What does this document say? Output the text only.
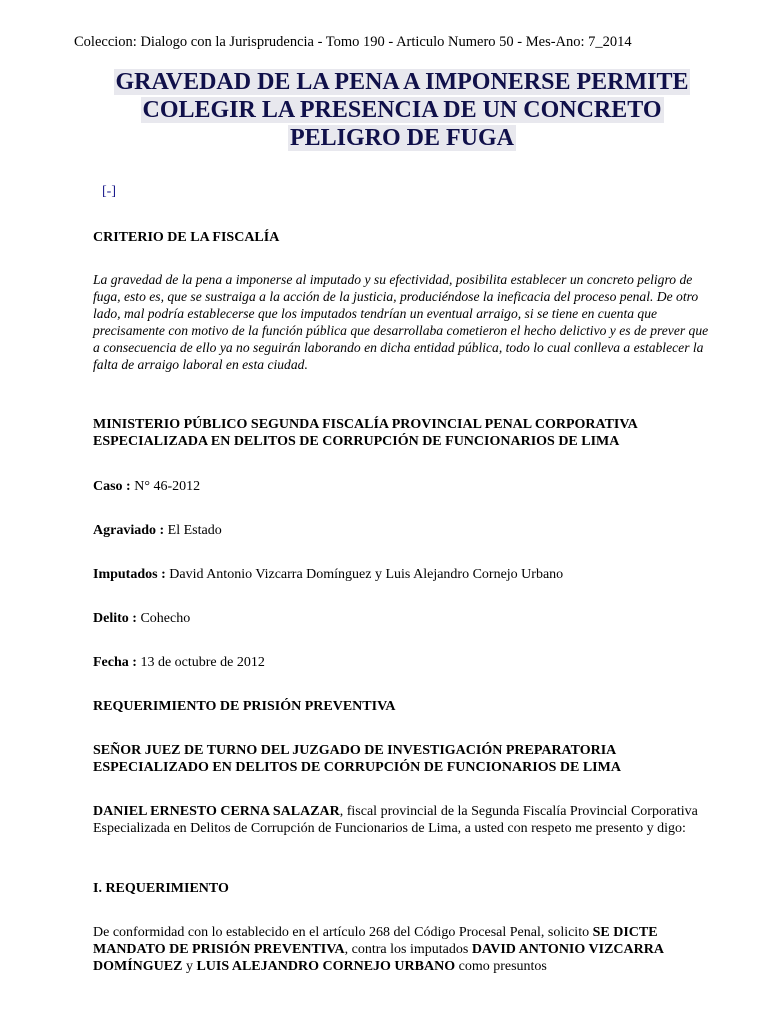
Coleccion: Dialogo con la Jurisprudencia - Tomo 190 - Articulo Numero 50 - Mes-Ano: 7_2014
GRAVEDAD DE LA PENA A IMPONERSE PERMITE
COLEGIR LA PRESENCIA DE UN CONCRETO
PELIGRO DE FUGA
[-]

CRITERIO DE LA FISCALÍA

La gravedad de la pena a imponerse al imputado y su efectividad, posibilita establecer un concreto peligro de fuga, esto es, que se sustraiga a la acción de la justicia, produciéndose la ineficacia del proceso penal. De otro lado, mal podría establecerse que los imputados tendrían un eventual arraigo, si se tiene en cuenta que precisamente con motivo de la función pública que desarrollaba cometieron el hecho delictivo y es de prever que a consecuencia de ello ya no seguirán laborando en dicha entidad pública, todo lo cual conlleva a establecer la falta de arraigo laboral en esta ciudad.

MINISTERIO PÚBLICO SEGUNDA FISCALÍA PROVINCIAL PENAL CORPORATIVA ESPECIALIZADA EN DELITOS DE CORRUPCIÓN DE FUNCIONARIOS DE LIMA

Caso : N° 46-2012

Agraviado : El Estado

Imputados : David Antonio Vizcarra Domínguez y Luis Alejandro Cornejo Urbano

Delito : Cohecho

Fecha : 13 de octubre de 2012

REQUERIMIENTO DE PRISIÓN PREVENTIVA

SEÑOR JUEZ DE TURNO DEL JUZGADO DE INVESTIGACIÓN PREPARATORIA ESPECIALIZADO EN DELITOS DE CORRUPCIÓN DE FUNCIONARIOS DE LIMA

DANIEL ERNESTO CERNA SALAZAR, fiscal provincial de la Segunda Fiscalía Provincial Corporativa Especializada en Delitos de Corrupción de Funcionarios de Lima, a usted con respeto me presento y digo:

I. REQUERIMIENTO

De conformidad con lo establecido en el artículo 268 del Código Procesal Penal, solicito SE DICTE MANDATO DE PRISIÓN PREVENTIVA, contra los imputados DAVID ANTONIO VIZCARRA DOMÍNGUEZ y LUIS ALEJANDRO CORNEJO URBANO como presuntos
